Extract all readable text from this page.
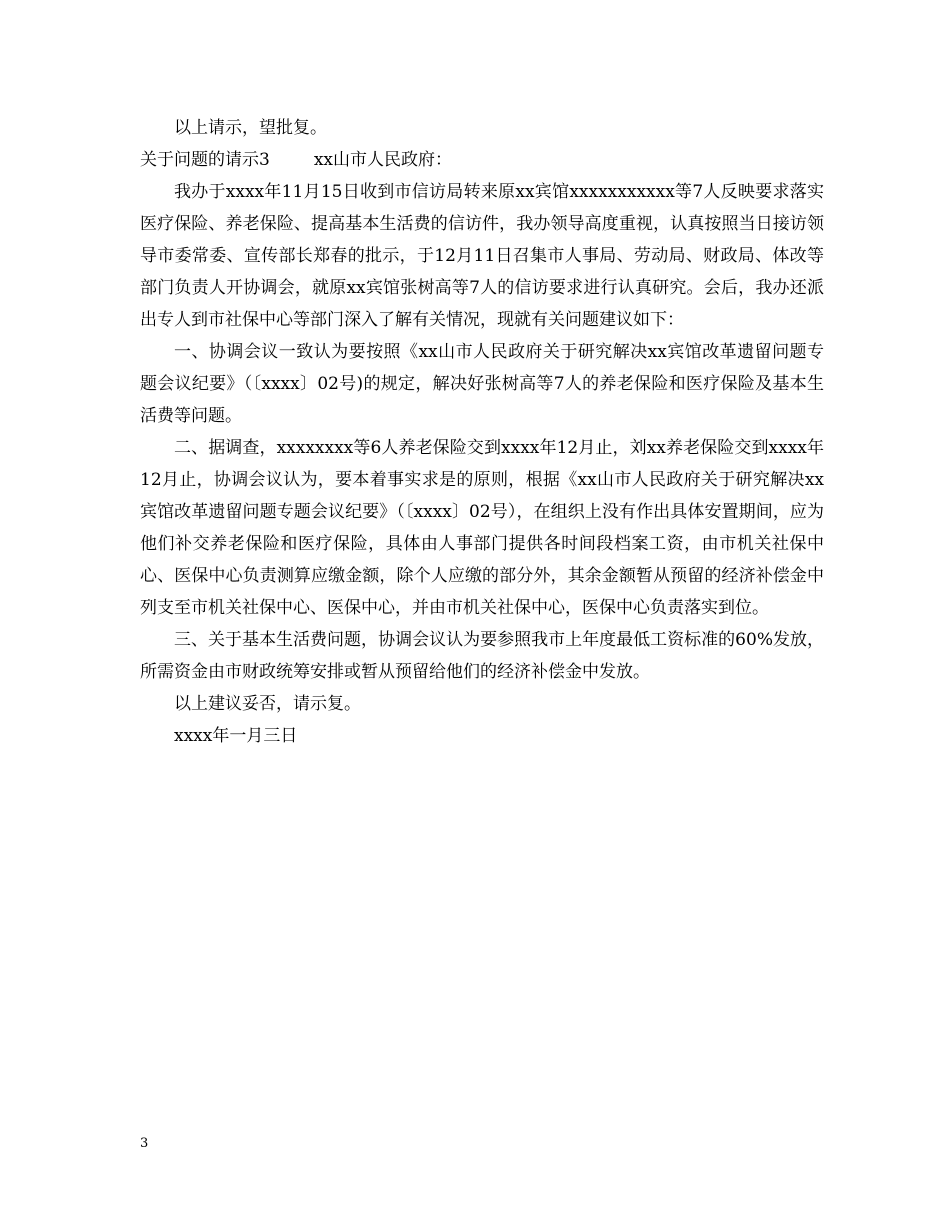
以上请示，望批复。

关于问题的请示3	xx山市人民政府：

我办于xxxx年11月15日收到市信访局转来原xx宾馆xxxxxxxxxxx等7人反映要求落实医疗保险、养老保险、提高基本生活费的信访件，我办领导高度重视，认真按照当日接访领导市委常委、宣传部长郑春的批示，于12月11日召集市人事局、劳动局、财政局、体改等部门负责人开协调会，就原xx宾馆张树高等7人的信访要求进行认真研究。会后，我办还派出专人到市社保中心等部门深入了解有关情况，现就有关问题建议如下：

一、协调会议一致认为要按照《xx山市人民政府关于研究解决xx宾馆改革遗留问题专题会议纪要》（〔xxxx〕02号)的规定，解决好张树高等7人的养老保险和医疗保险及基本生活费等问题。

二、据调查，xxxxxxxx等6人养老保险交到xxxx年12月止，刘xx养老保险交到xxxx年12月止，协调会议认为，要本着事实求是的原则，根据《xx山市人民政府关于研究解决xx宾馆改革遗留问题专题会议纪要》（〔xxxx〕02号），在组织上没有作出具体安置期间，应为他们补交养老保险和医疗保险，具体由人事部门提供各时间段档案工资，由市机关社保中心、医保中心负责测算应缴金额，除个人应缴的部分外，其余金额暂从预留的经济补偿金中列支至市机关社保中心、医保中心，并由市机关社保中心，医保中心负责落实到位。

三、关于基本生活费问题，协调会议认为要参照我市上年度最低工资标准的60%发放，所需资金由市财政统筹安排或暂从预留给他们的经济补偿金中发放。

以上建议妥否，请示复。

xxxx年一月三日

3
